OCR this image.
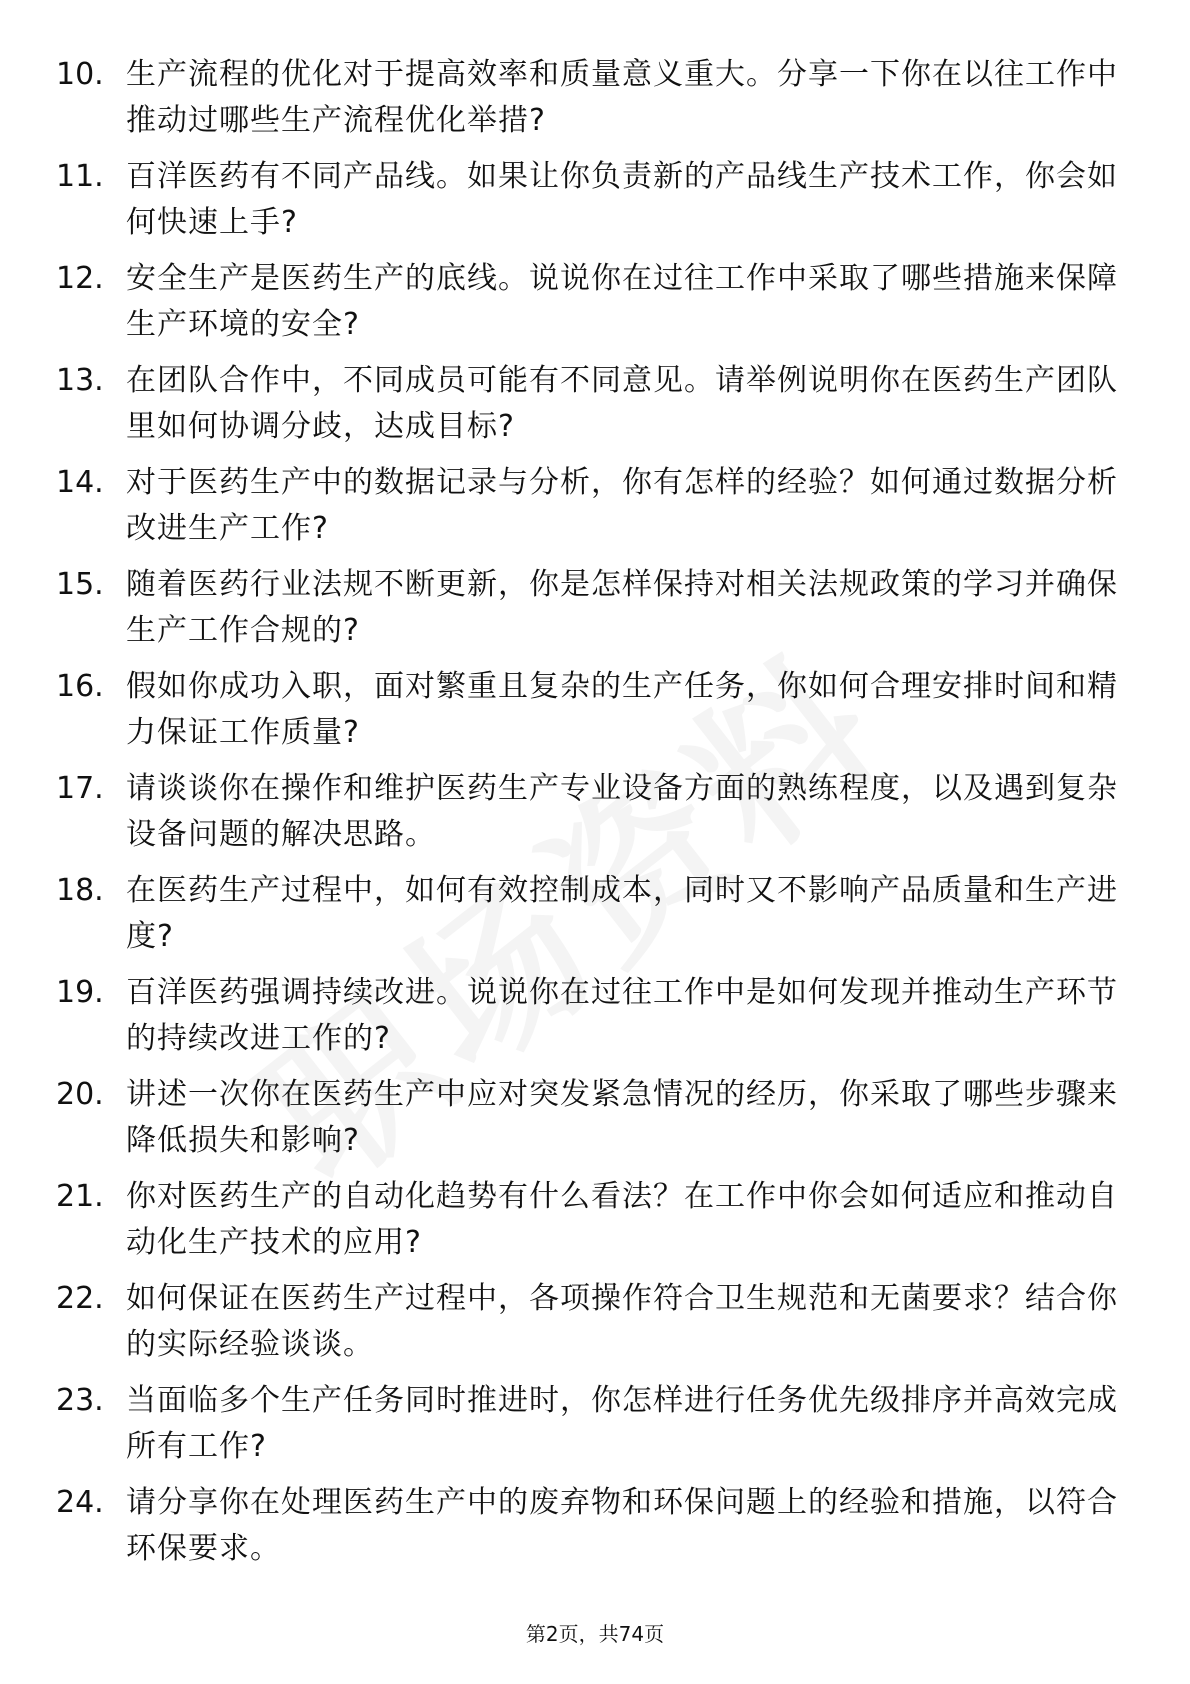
10. 生产流程的优化对于提高效率和质量意义重大。分享一下你在以往工作中推动过哪些生产流程优化举措?
11. 百洋医药有不同产品线。如果让你负责新的产品线生产技术工作，你会如何快速上手?
12. 安全生产是医药生产的底线。说说你在过往工作中采取了哪些措施来保障生产环境的安全?
13. 在团队合作中，不同成员可能有不同意见。请举例说明你在医药生产团队里如何协调分歧，达成目标?
14. 对于医药生产中的数据记录与分析，你有怎样的经验？如何通过数据分析改进生产工作?
15. 随着医药行业法规不断更新，你是怎样保持对相关法规政策的学习并确保生产工作合规的?
16. 假如你成功入职，面对繁重且复杂的生产任务，你如何合理安排时间和精力保证工作质量?
17. 请谈谈你在操作和维护医药生产专业设备方面的熟练程度，以及遇到复杂设备问题的解决思路。
18. 在医药生产过程中，如何有效控制成本，同时又不影响产品质量和生产进度?
19. 百洋医药强调持续改进。说说你在过往工作中是如何发现并推动生产环节的持续改进工作的?
20. 讲述一次你在医药生产中应对突发紧急情况的经历，你采取了哪些步骤来降低损失和影响?
21. 你对医药生产的自动化趋势有什么看法？在工作中你会如何适应和推动自动化生产技术的应用?
22. 如何保证在医药生产过程中，各项操作符合卫生规范和无菌要求？结合你的实际经验谈谈。
23. 当面临多个生产任务同时推进时，你怎样进行任务优先级排序并高效完成所有工作?
24. 请分享你在处理医药生产中的废弃物和环保问题上的经验和措施，以符合环保要求。
第2页，共74页
